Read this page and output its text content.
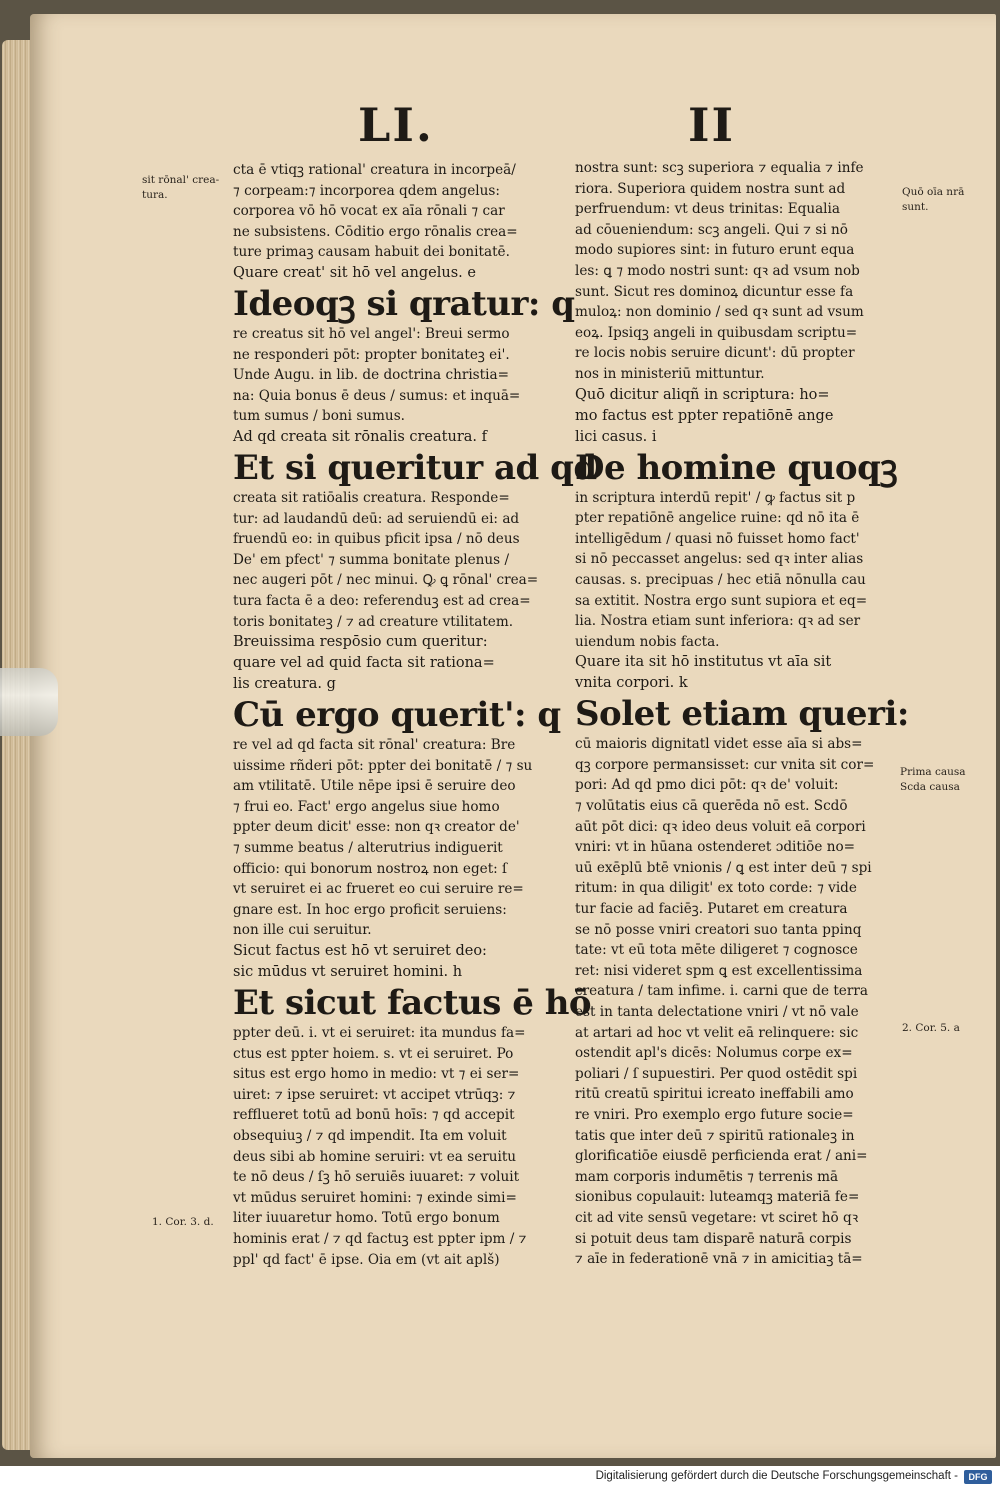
LI.	II
sit rōnal' crea-
tura.
1. Cor. 3. d.
Quō oīa nrā
sunt.
Prima causa
Scda causa
2. Cor. 5. a
cta ē vtiqꝫ rational' creatura in incorpeā/
⁊ corpeam:⁊ incorporea qdem angelus:
corporea vō hō vocat ex aīa rōnali ⁊ car
ne subsistens. Cōditio ergo rōnalis crea=
ture primaꝫ causam habuit dei bonitatē.
Quare creat' sit hō vel angelus. e
Ideoqꝫ si qratur: q
re creatus sit hō vel angel': Breui sermo
ne responderi pōt: propter bonitateꝫ ei'.
Unde Augu. in lib. de doctrina christia=
na: Quia bonus ē deus / sumus: et inquā=
tum sumus / boni sumus.
Ad qd creata sit rōnalis creatura. f
Et si queritur ad qd
creata sit ratiōalis creatura. Responde=
tur: ad laudandū deū: ad seruiendū ei: ad
fruendū eo: in quibus pficit ipsa / nō deus
De' em pfect' ⁊ summa bonitate plenus /
nec augeri pōt / nec minui. Ꝙ ꝗ rōnal' crea=
tura facta ē a deo: referenduꝫ est ad crea=
toris bonitateꝫ / ⁊ ad creature vtilitatem.
Breuissima respōsio cum queritur:
quare vel ad quid facta sit rationa=
lis creatura. g
Cū ergo querit': q
re vel ad qd facta sit rōnal' creatura: Bre
uissime rñderi pōt: ppter dei bonitatē / ⁊ su
am vtilitatē. Utile nēpe ipsi ē seruire deo
⁊ frui eo. Fact' ergo angelus siue homo
ppter deum dicit' esse: non qꝛ creator de'
⁊ summe beatus / alterutrius indiguerit
officio: qui bonorum nostroꝝ non eget: ſ
vt seruiret ei ac frueret eo cui seruire re=
gnare est. In hoc ergo proficit seruiens:
non ille cui seruitur.
Sicut factus est hō vt seruiret deo:
sic mūdus vt seruiret homini. h
Et sicut factus ē hō
ppter deū. i. vt ei seruiret: ita mundus fa=
ctus est ppter hoiem. s. vt ei seruiret. Po
situs est ergo homo in medio: vt ⁊ ei ser=
uiret: ⁊ ipse seruiret: vt accipet vtrūqꝫ: ⁊
refflueret totū ad bonū hoīs: ⁊ qd accepit
obsequiuꝫ / ⁊ qd impendit. Ita em voluit
deus sibi ab homine seruiri: vt ea seruitu
te nō deus / ſꝫ hō seruiēs iuuaret: ⁊ voluit
vt mūdus seruiret homini: ⁊ exinde simi=
liter iuuaretur homo. Totū ergo bonum
hominis erat / ⁊ qd factuꝫ est ppter ipm / ⁊
ppl' qd fact' ē ipse. Oia em (vt ait aplš)
nostra sunt: scꝫ superiora ⁊ equalia ⁊ infe
riora. Superiora quidem nostra sunt ad
perfruendum: vt deus trinitas: Equalia
ad cōueniendum: scꝫ angeli. Qui ⁊ si nō
modo supiores sint: in futuro erunt equa
les: ꝗ ⁊ modo nostri sunt: qꝛ ad vsum nob
sunt. Sicut res dominoꝝ dicuntur esse fa
muloꝝ: non dominio / sed qꝛ sunt ad vsum
eoꝝ. Ipsiqꝫ angeli in quibusdam scriptu=
re locis nobis seruire dicunt': dū propter
nos in ministeriū mittuntur.
Quō dicitur aliqñ in scriptura: ho=
mo factus est ppter repatiōnē ange
lici casus. i
De homine quoqꝫ
in scriptura interdū repit' / ꝙ factus sit p
pter repatiōnē angelice ruine: qd nō ita ē
intelligēdum / quasi nō fuisset homo fact'
si nō peccasset angelus: sed qꝛ inter alias
causas. s. precipuas / hec etiā nōnulla cau
sa extitit. Nostra ergo sunt supiora et eq=
lia. Nostra etiam sunt inferiora: qꝛ ad ser
uiendum nobis facta.
Quare ita sit hō institutus vt aīa sit
vnita corpori. k
Solet etiam queri:
cū maioris dignitatl videt esse aīa si abs=
qꝫ corpore permansisset: cur vnita sit cor=
pori: Ad qd pmo dici pōt: qꝛ de' voluit:
⁊ volūtatis eius cā querēda nō est. Scdō
aūt pōt dici: qꝛ ideo deus voluit eā corpori
vniri: vt in hūana ostenderet ɔditiōe no=
uū exēplū btē vnionis / ꝗ est inter deū ⁊ spi
ritum: in qua diligit' ex toto corde: ⁊ vide
tur facie ad faciēꝫ. Putaret em creatura
se nō posse vniri creatori suo tanta ppinq
tate: vt eū tota mēte diligeret ⁊ cognosce
ret: nisi videret spm ꝗ est excellentissima
creatura / tam infime. i. carni que de terra
est in tanta delectatione vniri / vt nō vale
at artari ad hoc vt velit eā relinquere: sic
ostendit apl's dicēs: Nolumus corpe ex=
poliari / ſ supuestiri. Per quod ostēdit spi
ritū creatū spiritui icreato ineffabili amo
re vniri. Pro exemplo ergo future socie=
tatis que inter deū ⁊ spiritū rationaleꝫ in
glorificatiōe eiusdē perficienda erat / ani=
mam corporis indumētis ⁊ terrenis mā
sionibus copulauit: luteamqꝫ materiā fe=
cit ad vite sensū vegetare: vt sciret hō qꝛ
si potuit deus tam disparē naturā corpis
⁊ aīe in federationē vnā ⁊ in amicitiaꝫ tā=
Digitalisierung gefördert durch die Deutsche Forschungsgemeinschaft -	DFG
